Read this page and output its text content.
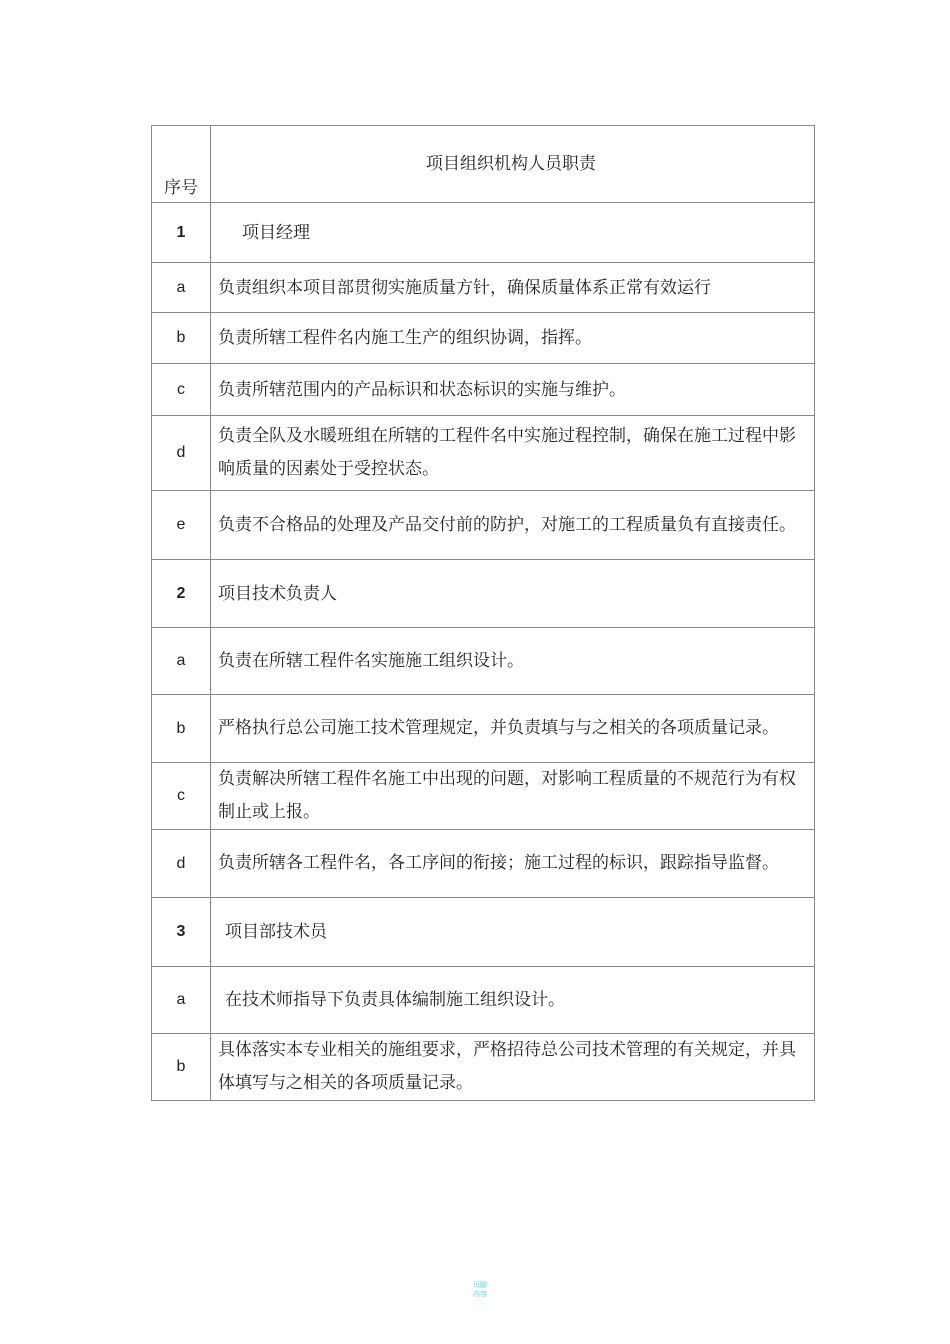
序号	项目组织机构人员职责
1	项目经理

a	负责组织本项目部贯彻实施质量方针，确保质量体系正常有效运行

b	负责所辖工程件名内施工生产的组织协调，指挥。

c	负责所辖范围内的产品标识和状态标识的实施与维护。

d	负责全队及水暖班组在所辖的工程件名中实施过程控制，确保在施工过程中影响质量的因素处于受控状态。

e	负责不合格品的处理及产品交付前的防护，对施工的工程质量负有直接责任。

2	项目技术负责人

a	负责在所辖工程件名实施施工组织设计。

b	严格执行总公司施工技术管理规定，并负责填与与之相关的各项质量记录。

c	负责解决所辖工程件名施工中出现的问题，对影响工程质量的不规范行为有权制止或上报。

d	负责所辖各工程件名，各工序间的衔接；施工过程的标识，跟踪指导监督。

3	项目部技术员

a	在技术师指导下负责具体编制施工组织设计。

b	具体落实本专业相关的施组要求，严格招待总公司技术管理的有关规定，并具体填写与之相关的各项质量记录。
页脚
内容
